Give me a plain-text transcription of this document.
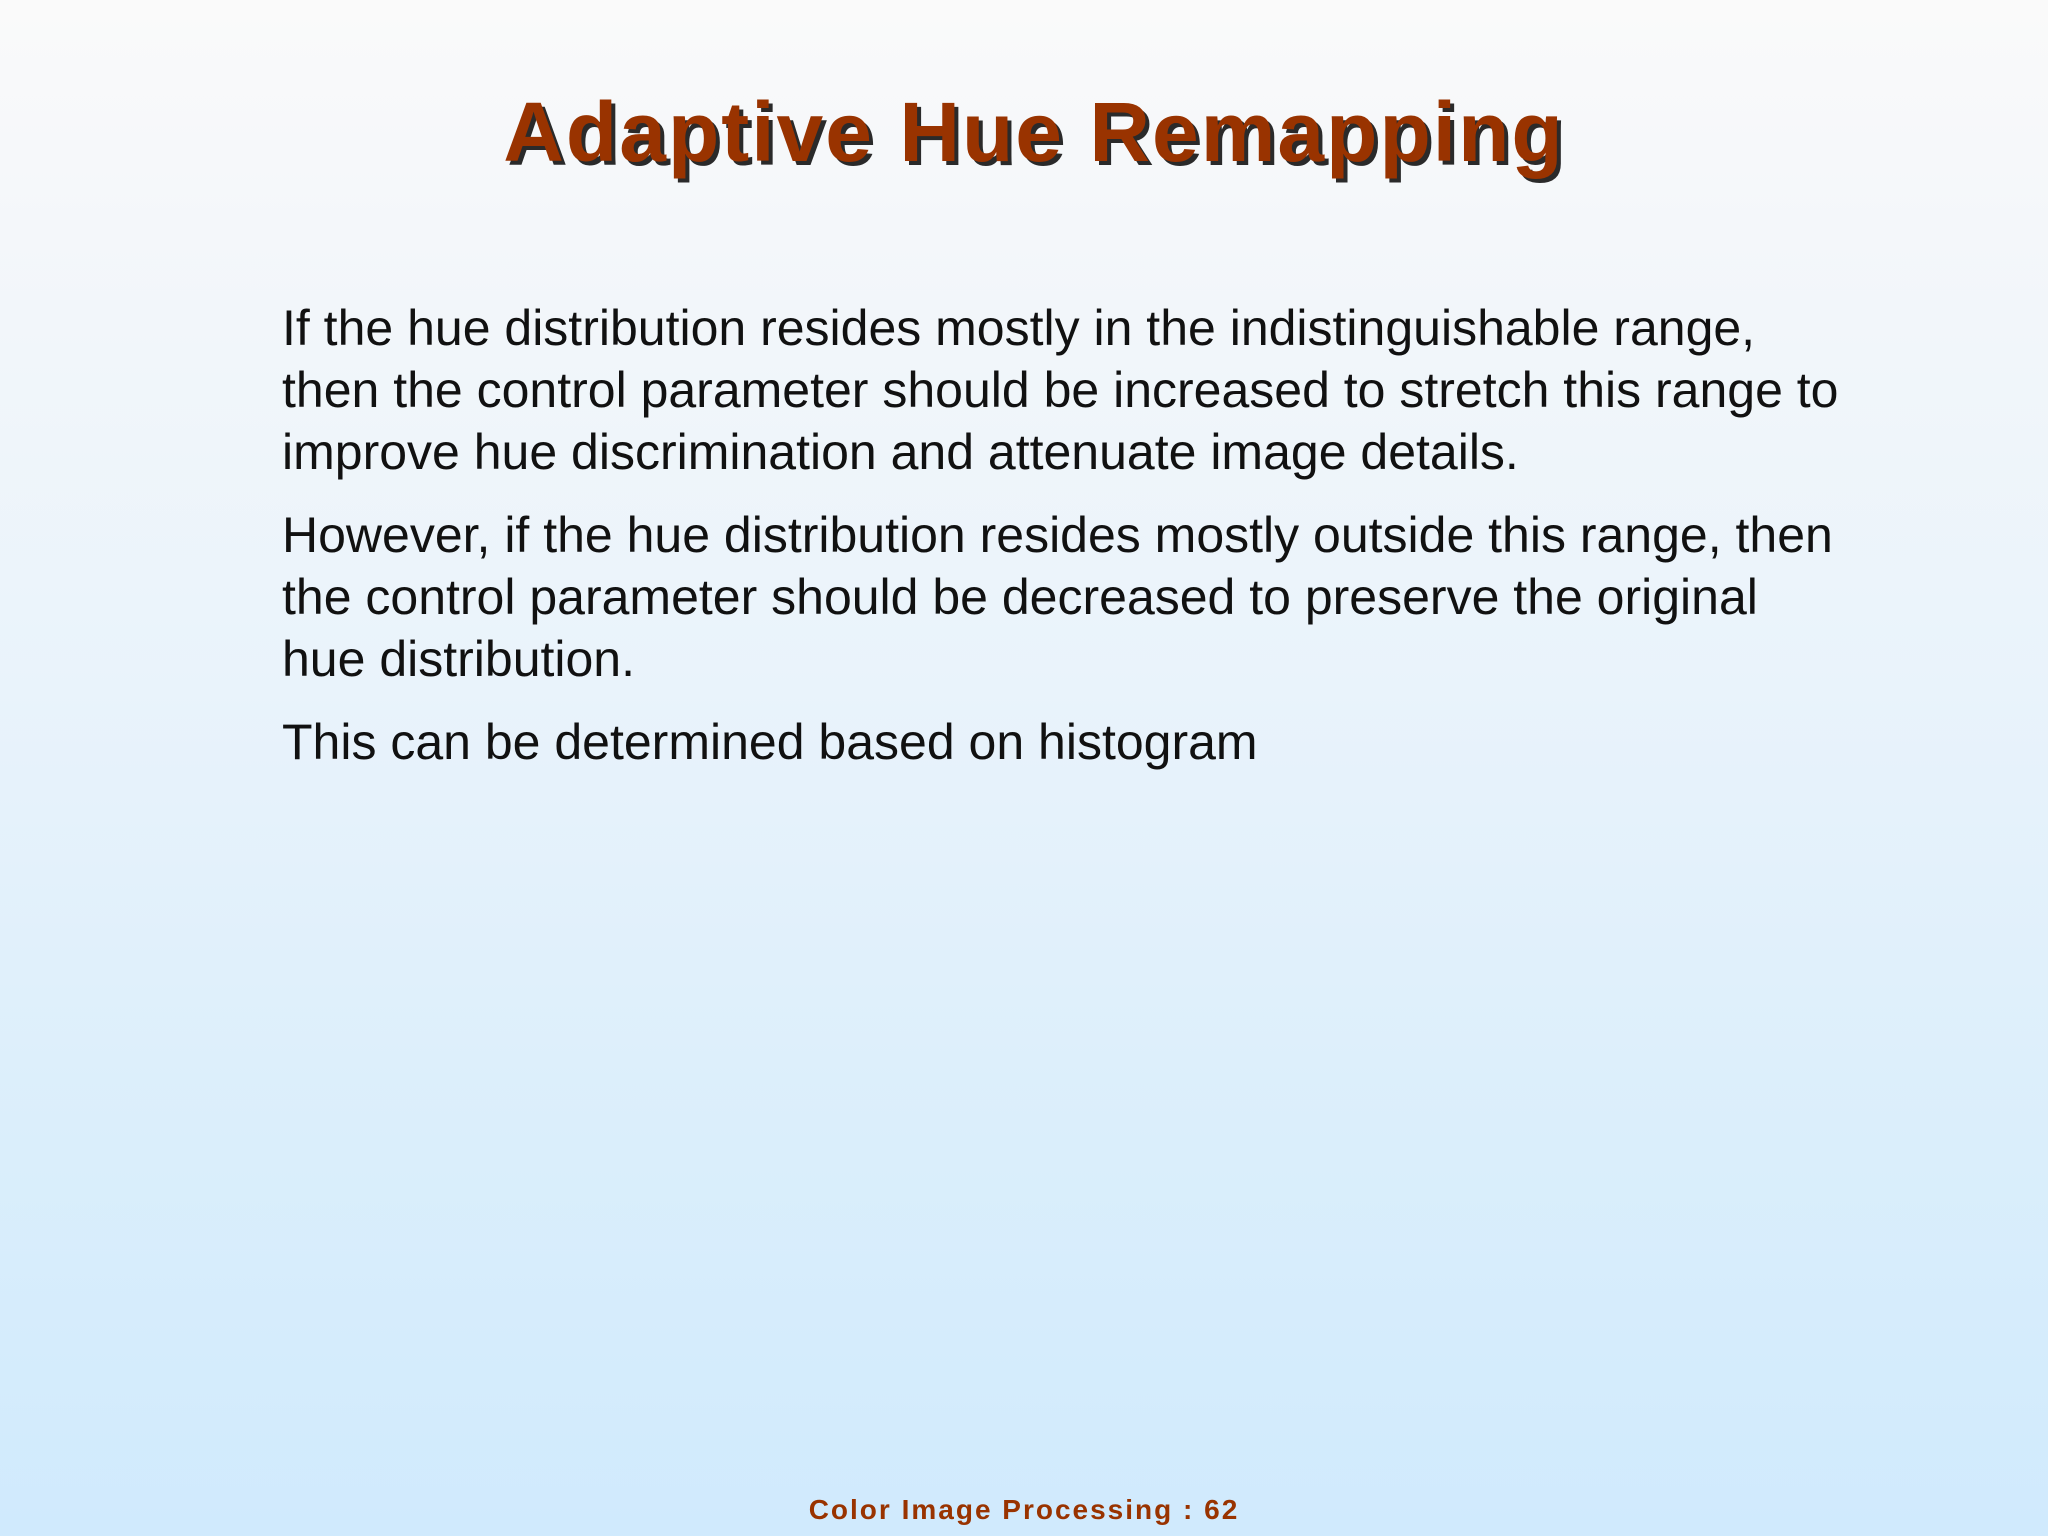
Adaptive Hue Remapping

If the hue distribution resides mostly in the indistinguishable range, then the control parameter should be increased to stretch this range to improve hue discrimination and attenuate image details.

However, if the hue distribution resides mostly outside this range, then the control parameter should be decreased to preserve the original hue distribution.

This can be determined based on histogram

Color Image Processing : 62
